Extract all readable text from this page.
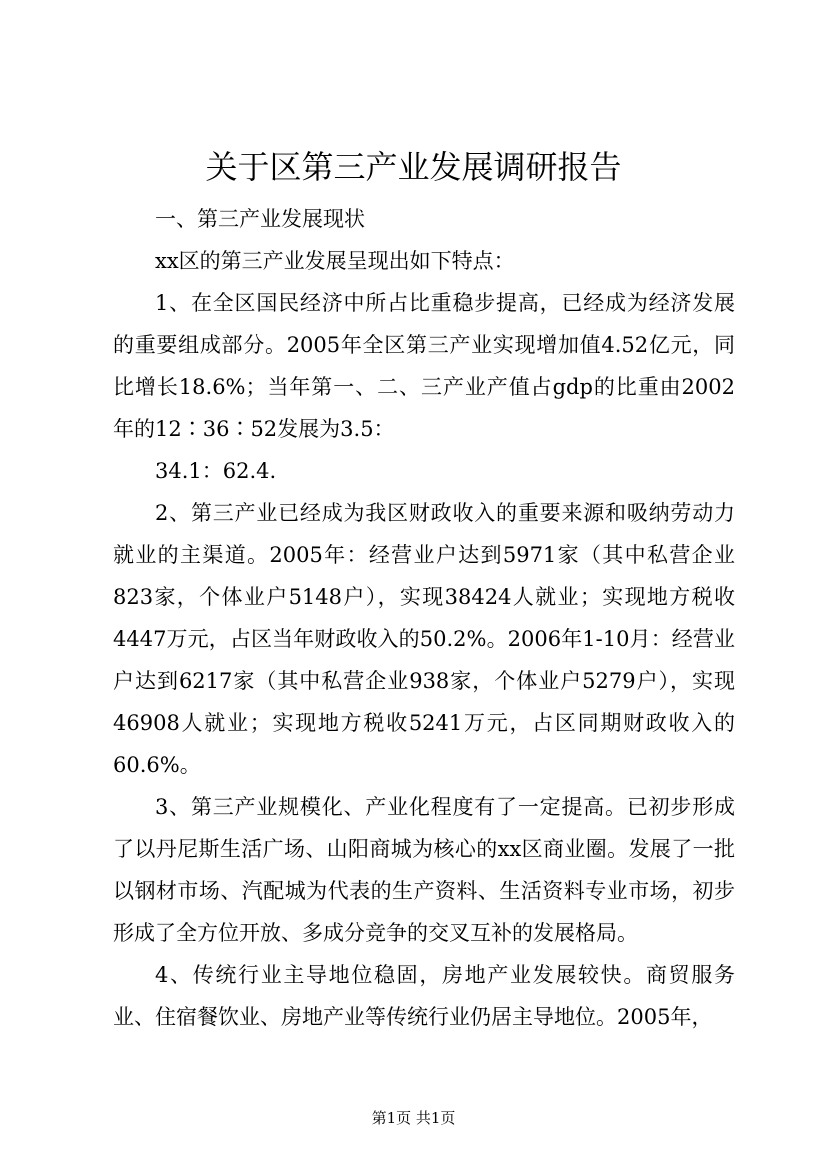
关于区第三产业发展调研报告

一、第三产业发展现状

xx区的第三产业发展呈现出如下特点：

1、在全区国民经济中所占比重稳步提高，已经成为经济发展的重要组成部分。2005年全区第三产业实现增加值4.52亿元，同比增长18.6%；当年第一、二、三产业产值占gdp的比重由2002年的12∶36∶52发展为3.5：

34.1：62.4.

2、第三产业已经成为我区财政收入的重要来源和吸纳劳动力就业的主渠道。2005年：经营业户达到5971家（其中私营企业823家，个体业户5148户），实现38424人就业；实现地方税收4447万元，占区当年财政收入的50.2%。2006年1-10月：经营业户达到6217家（其中私营企业938家，个体业户5279户），实现46908人就业；实现地方税收5241万元，占区同期财政收入的60.6%。

3、第三产业规模化、产业化程度有了一定提高。已初步形成了以丹尼斯生活广场、山阳商城为核心的xx区商业圈。发展了一批以钢材市场、汽配城为代表的生产资料、生活资料专业市场，初步形成了全方位开放、多成分竞争的交叉互补的发展格局。

4、传统行业主导地位稳固，房地产业发展较快。商贸服务业、住宿餐饮业、房地产业等传统行业仍居主导地位。2005年，

第1页 共1页
